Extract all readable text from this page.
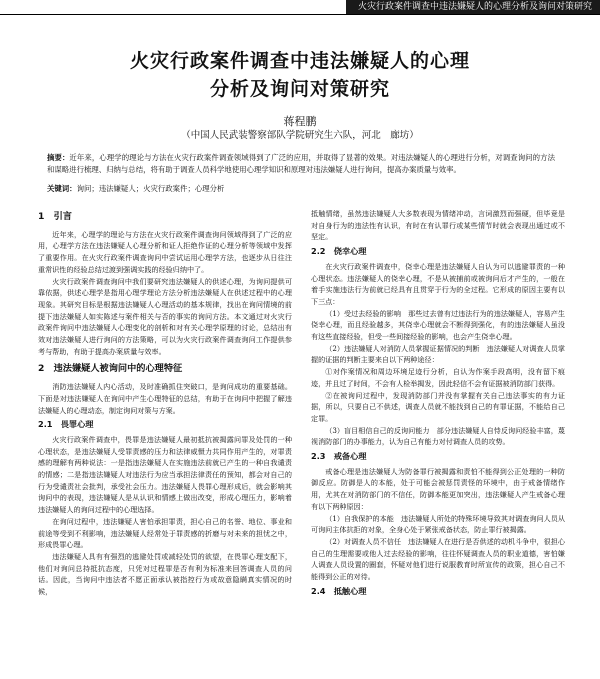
火灾行政案件调查中违法嫌疑人的心理分析及询问对策研究
火灾行政案件调查中违法嫌疑人的心理
分析及询问对策研究
蒋程鹏
（中国人民武装警察部队学院研究生六队，河北　廊坊）
摘要：近年来，心理学的理论与方法在火灾行政案件调查领域得到了广泛的应用，并取得了显著的效果。对违法嫌疑人的心理进行分析，对调查询问的方法和谋略进行梳理、归纳与总结，将有助于调查人员科学地使用心理学知识和原理对违法嫌疑人进行询问，提高办案质量与效率。
关键词：询问；违法嫌疑人；火灾行政案件；心理分析
1　引言

近年来，心理学的理论与方法在火灾行政案件调查询问领域得到了广泛的应用，心理学方法在违法嫌疑人心理分析和证人拒绝作证的心理分析等领域中发挥了重要作用。在火灾行政案件调查询问中尝试运用心理学方法，也逐步从日往注重常识性的经验总结过渡到强调实践的经验归纳中了。

火灾行政案件调查询问中我们要研究违法嫌疑人的供述心理，为询问提供可靠依据，供述心理学是指用心理学理论方法分析违法嫌疑人在供述过程中的心理现象。其研究目标是根据违法嫌疑人心理活动的基本规律，找出在询问情境的前提下违法嫌疑人如实陈述与案件相关与否的事实的询问方法。本文通过对火灾行政案件询问中违法嫌疑人心理变化的剖析和对有关心理学原理的讨论，总结出有效对违法嫌疑人进行询问的方法策略，可以为火灾行政案件调查询问工作提供参考与帮助，有助于提高办案质量与效率。

2　违法嫌疑人被询问中的心理特征

消防违法嫌疑人内心活动，及时准确抓住突破口，是询问成功的重要基础。下面是对违法嫌疑人在询问中产生心理特征的总结，有助于在询问中把握了解违法嫌疑人的心理动态，制定询问对策与方案。

2.1　畏罪心理

火灾行政案件调查中，畏罪是违法嫌疑人最初抵抗被揭露问罪及处罚的一种心理状态，是违法嫌疑人受罪责感的压力和法律威慑力共同作用产生的，对罪责感的理解有两种说法：一是指违法嫌疑人在实施违法前就已产生的一种自我谴责的情感；二是指违法嫌疑人对违法行为应当承担法律责任的预知，都会对自己的行为受谴责社会批判，承受社会压力。违法嫌疑人畏罪心理形成后，就会影响其询问中的表现，违法嫌疑人是从认识和情感上做出改变，形成心理压力，影响着违法嫌疑人的询问过程中的心理选择。

在询问过程中，违法嫌疑人害怕承担罪责，担心自己的名誉、地位、事业和前途等受到不利影响，违法嫌疑人经常处于罪责感的折磨与对未来的担忧之中，形成畏罪心理。

违法嫌疑人具有有强烈的逃避处罚或减轻处罚的欲望，在畏罪心理支配下，他们对询问总持抵抗态度，只凭对过程罪是否有利为标准来回答调查人员的问话。因此，当询问中违法者不愿正面承认被指控行为或故意隐瞒真实情况的时候，

抵触情绪，虽然违法嫌疑人大多数表现为情绪冲动，言词激烈而强硬，但毕竟是对自身行为的违法性有认识，有时在有认罪行或某些情节时就会表现出通过或不坚定。

2.2　侥幸心理

在火灾行政案件调查中，侥幸心理是违法嫌疑人自认为可以逃避罪责的一种心理状态。违法嫌疑人的侥幸心理，不是从被捕前或被询问后才产生的，一般在着手实施违法行为前就已经具有且贯穿于行为的全过程。它形成的原因主要有以下三点：

（1）受过去经验的影响　那些过去曾有过违法行为的违法嫌疑人，容易产生侥幸心理，而且经验越多，其侥幸心理就会不断得到强化，有的违法嫌疑人虽没有这些直接经验，但受一些间接经验的影响，也会产生侥幸心理。

（2）违法嫌疑人对消防人员掌握证据情况的判断　违法嫌疑人对调查人员掌握的证据的判断主要来自以下两种途径：

①对作案情况和周边环境足迹行分析，自认为作案手段高明，没有留下痕迹，并且过了时间，不会有人检举揭发，因此轻信不会有证据被消防部门获得。

②在被询问过程中，发现消防部门并没有掌握有关自己违法事实的有力证据，所以，只要自己不供述，调查人员就不能找到自己的有罪证据，不能给自己定罪。

（3）盲目相信自己的反询问能力　部分违法嫌疑人自恃反询问经验丰富，蔑视消防部门的办事能力，认为自己有能力对付调查人员的攻势。

2.3　戒备心理

戒备心理是违法嫌疑人为防备罪行被揭露和责怕不能得到公正处理的一种防御反应。防御是人的本能，处于可能会被惩罚责怪的环境中，由于戒备情绪作用，尤其在对消防部门的不信任，防御本能更加突出，违法嫌疑人产生戒备心理有以下两种原因：

（1）自我保护的本能　违法嫌疑人所处的特殊环境导致其对调查询问人员从可询问主体抗拒的对象，全身心处于紧张戒备状态，防止罪行被揭露。

（2）对调查人员不信任　违法嫌疑人在进行是否供述的动机斗争中，很担心自己的生理需要或他人过去经验的影响，往往怀疑调查人员的职业道德，害怕嫌人调查人员设置的圈套，怀疑对他们进行说服教育时所宣传的政策，担心自己不能得到公正的对待。

2.4　抵触心理
